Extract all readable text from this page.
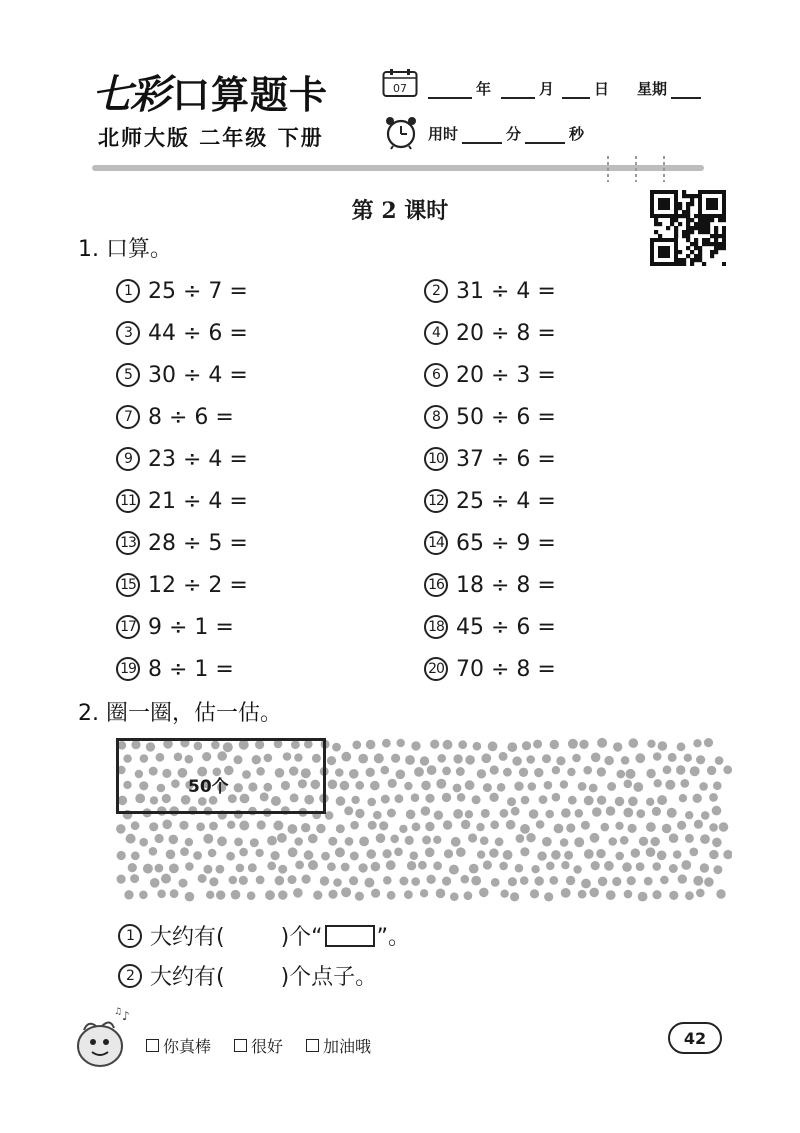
七彩 口算题卡
北师大版 二年级 下册
07	年	月	日 星期
用时	分	秒
第 2 课时
1. 口算。
1 25 ÷ 7 =	2 31 ÷ 4 =
3 44 ÷ 6 =	4 20 ÷ 8 =
5 30 ÷ 4 =	6 20 ÷ 3 =
7 8 ÷ 6 =	8 50 ÷ 6 =
9 23 ÷ 4 =	10 37 ÷ 6 =
11 21 ÷ 4 =	12 25 ÷ 4 =
13 28 ÷ 5 =	14 65 ÷ 9 =
15 12 ÷ 2 =	16 18 ÷ 8 =
17 9 ÷ 1 =	18 45 ÷ 6 =
19 8 ÷ 1 =	20 70 ÷ 8 =
2. 圈一圈，估一估。
50个
1 大约有(	)个“ ”。
2 大约有(	)个点子。
♪
♫
你真棒 很好 加油哦	42
